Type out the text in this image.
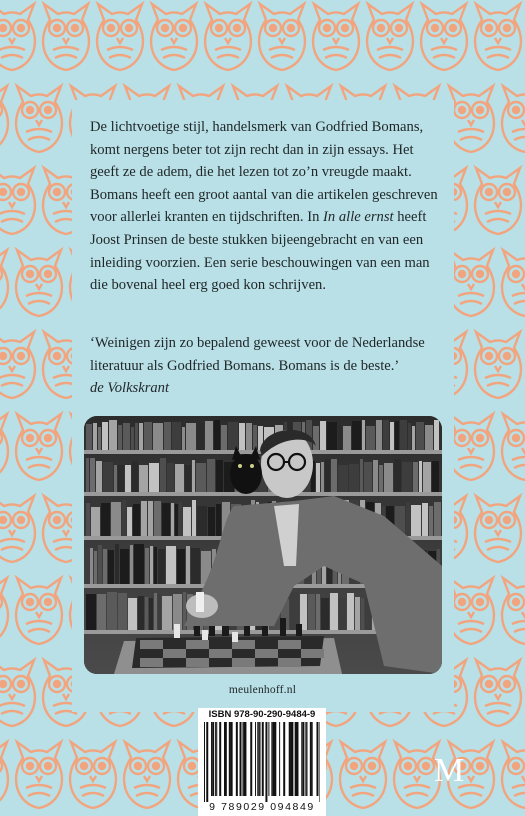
De lichtvoetige stijl, handelsmerk van Godfried Bomans,

komt nergens beter tot zijn recht dan in zijn essays. Het

geeft ze de adem, die het lezen tot zo’n vreugde maakt.

Bomans heeft een groot aantal van die artikelen geschreven

voor allerlei kranten en tijdschriften. In In alle ernst heeft

Joost Prinsen de beste stukken bijeengebracht en van een

inleiding voorzien. Een serie beschouwingen van een man

die bovenal heel erg goed kon schrijven.

‘Weinigen zijn zo bepalend geweest voor de Nederlandse

literatuur als Godfried Bomans. Bomans is de beste.’

de Volkskrant

meulenhoff.nl
ISBN 978-90-290-9484-9
9 789029 094849
M
